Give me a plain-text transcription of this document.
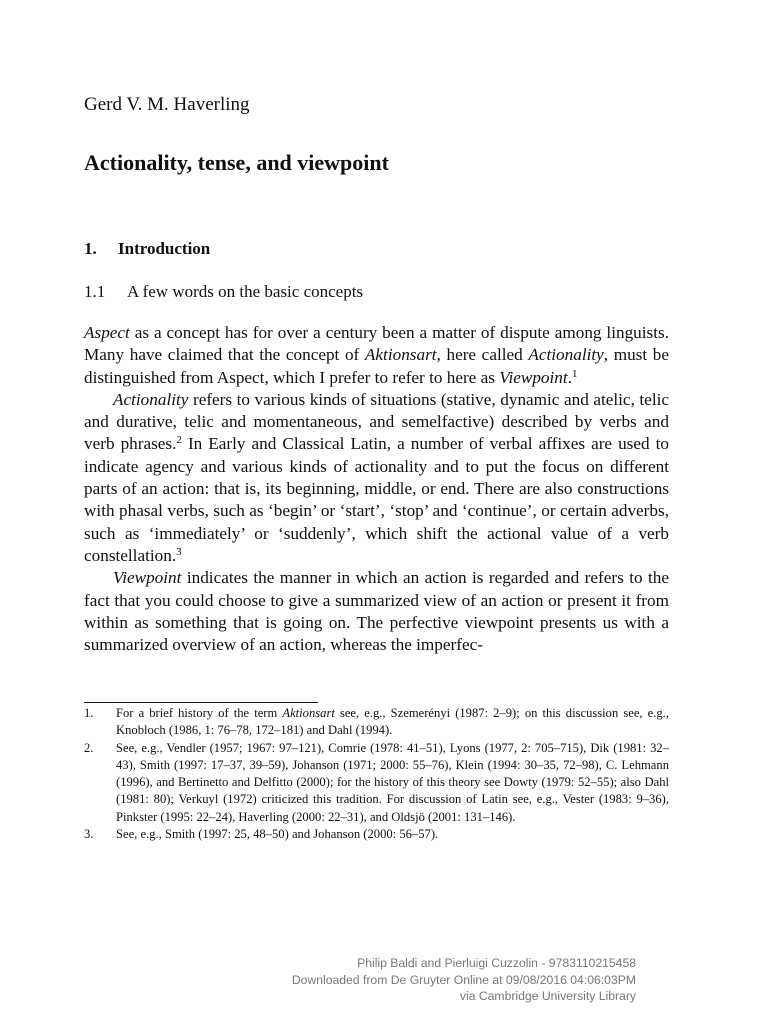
Gerd V. M. Haverling
Actionality, tense, and viewpoint
1. Introduction
1.1 A few words on the basic concepts

Aspect as a concept has for over a century been a matter of dispute among linguists. Many have claimed that the concept of Aktionsart, here called Actionality, must be distinguished from Aspect, which I prefer to refer to here as Viewpoint.$^1$

Actionality refers to various kinds of situations (stative, dynamic and atelic, telic and durative, telic and momentaneous, and semelfactive) described by verbs and verb phrases.$^2$ In Early and Classical Latin, a number of verbal affixes are used to indicate agency and various kinds of actionality and to put the focus on different parts of an action: that is, its beginning, middle, or end. There are also constructions with phasal verbs, such as ‘begin’ or ‘start’, ‘stop’ and ‘continue’, or certain adverbs, such as ‘immediately’ or ‘suddenly’, which shift the actional value of a verb constellation.$^3$

Viewpoint indicates the manner in which an action is regarded and refers to the fact that you could choose to give a summarized view of an action or present it from within as something that is going on. The perfective viewpoint presents us with a summarized overview of an action, whereas the imperfec-

1.	For a brief history of the term Aktionsart see, e.g., Szemerényi (1987: 2–9); on this discussion see, e.g., Knobloch (1986, 1: 76–78, 172–181) and Dahl (1994).
2.	See, e.g., Vendler (1957; 1967: 97–121), Comrie (1978: 41–51), Lyons (1977, 2: 705–715), Dik (1981: 32–43), Smith (1997: 17–37, 39–59), Johanson (1971; 2000: 55–76), Klein (1994: 30–35, 72–98), C. Lehmann (1996), and Bertinetto and Delfitto (2000); for the history of this theory see Dowty (1979: 52–55); also Dahl (1981: 80); Verkuyl (1972) criticized this tradition. For discussion of Latin see, e.g., Vester (1983: 9–36), Pinkster (1995: 22–24), Haverling (2000: 22–31), and Oldsjö (2001: 131–146).
3.	See, e.g., Smith (1997: 25, 48–50) and Johanson (2000: 56–57).
Philip Baldi and Pierluigi Cuzzolin - 9783110215458
Downloaded from De Gruyter Online at 09/08/2016 04:06:03PM
via Cambridge University Library
